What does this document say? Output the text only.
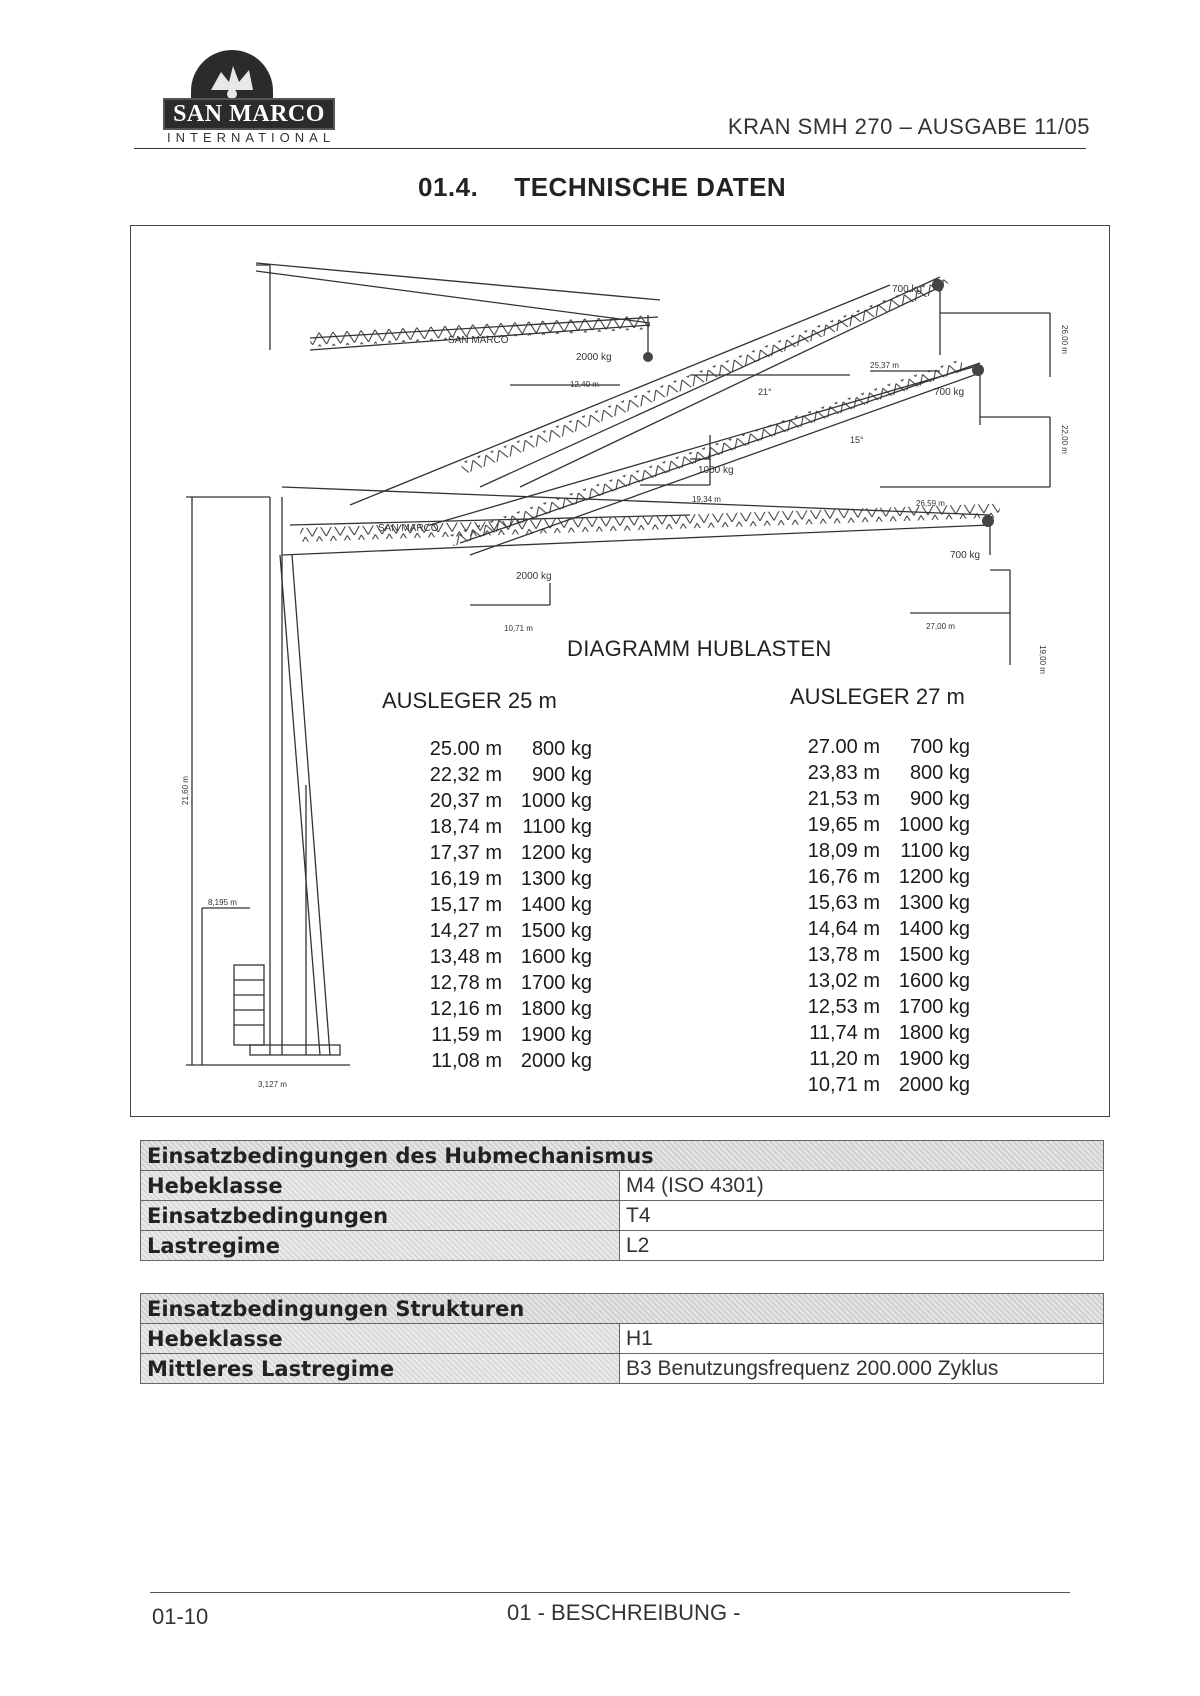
SAN MARCO
INTERNATIONAL	KRAN SMH 270 – AUSGABE 11/05
01.4. TECHNISCHE DATEN
SAN MARCO
SAN MARCO
2000 kg
700 kg
700 kg
1000 kg
2000 kg
700 kg
12,40 m
25,37 m
19,34 m	26,59 m
10,71 m	27,00 m
8,195 m
3,127 m
21°
15°
26,00 m
22,00 m
19,00 m
21,60 m
DIAGRAMM HUBLASTEN
AUSLEGER 25 m	AUSLEGER 27 m
25.00 m 800 kg
22,32 m 900 kg
20,37 m 1000 kg
18,74 m 1100 kg
17,37 m 1200 kg
16,19 m 1300 kg
15,17 m 1400 kg
14,27 m 1500 kg
13,48 m 1600 kg
12,78 m 1700 kg
12,16 m 1800 kg
11,59 m 1900 kg
11,08 m 2000 kg
27.00 m 700 kg
23,83 m 800 kg
21,53 m 900 kg
19,65 m 1000 kg
18,09 m 1100 kg
16,76 m 1200 kg
15,63 m 1300 kg
14,64 m 1400 kg
13,78 m 1500 kg
13,02 m 1600 kg
12,53 m 1700 kg
11,74 m 1800 kg
11,20 m 1900 kg
10,71 m 2000 kg
Einsatzbedingungen des Hubmechanismus	
Hebeklasse	M4 (ISO 4301)
Einsatzbedingungen	T4
Lastregime	L2
Einsatzbedingungen Strukturen	
Hebeklasse	H1
Mittleres Lastregime	B3 Benutzungsfrequenz 200.000 Zyklus
01-10	01 - BESCHREIBUNG -
